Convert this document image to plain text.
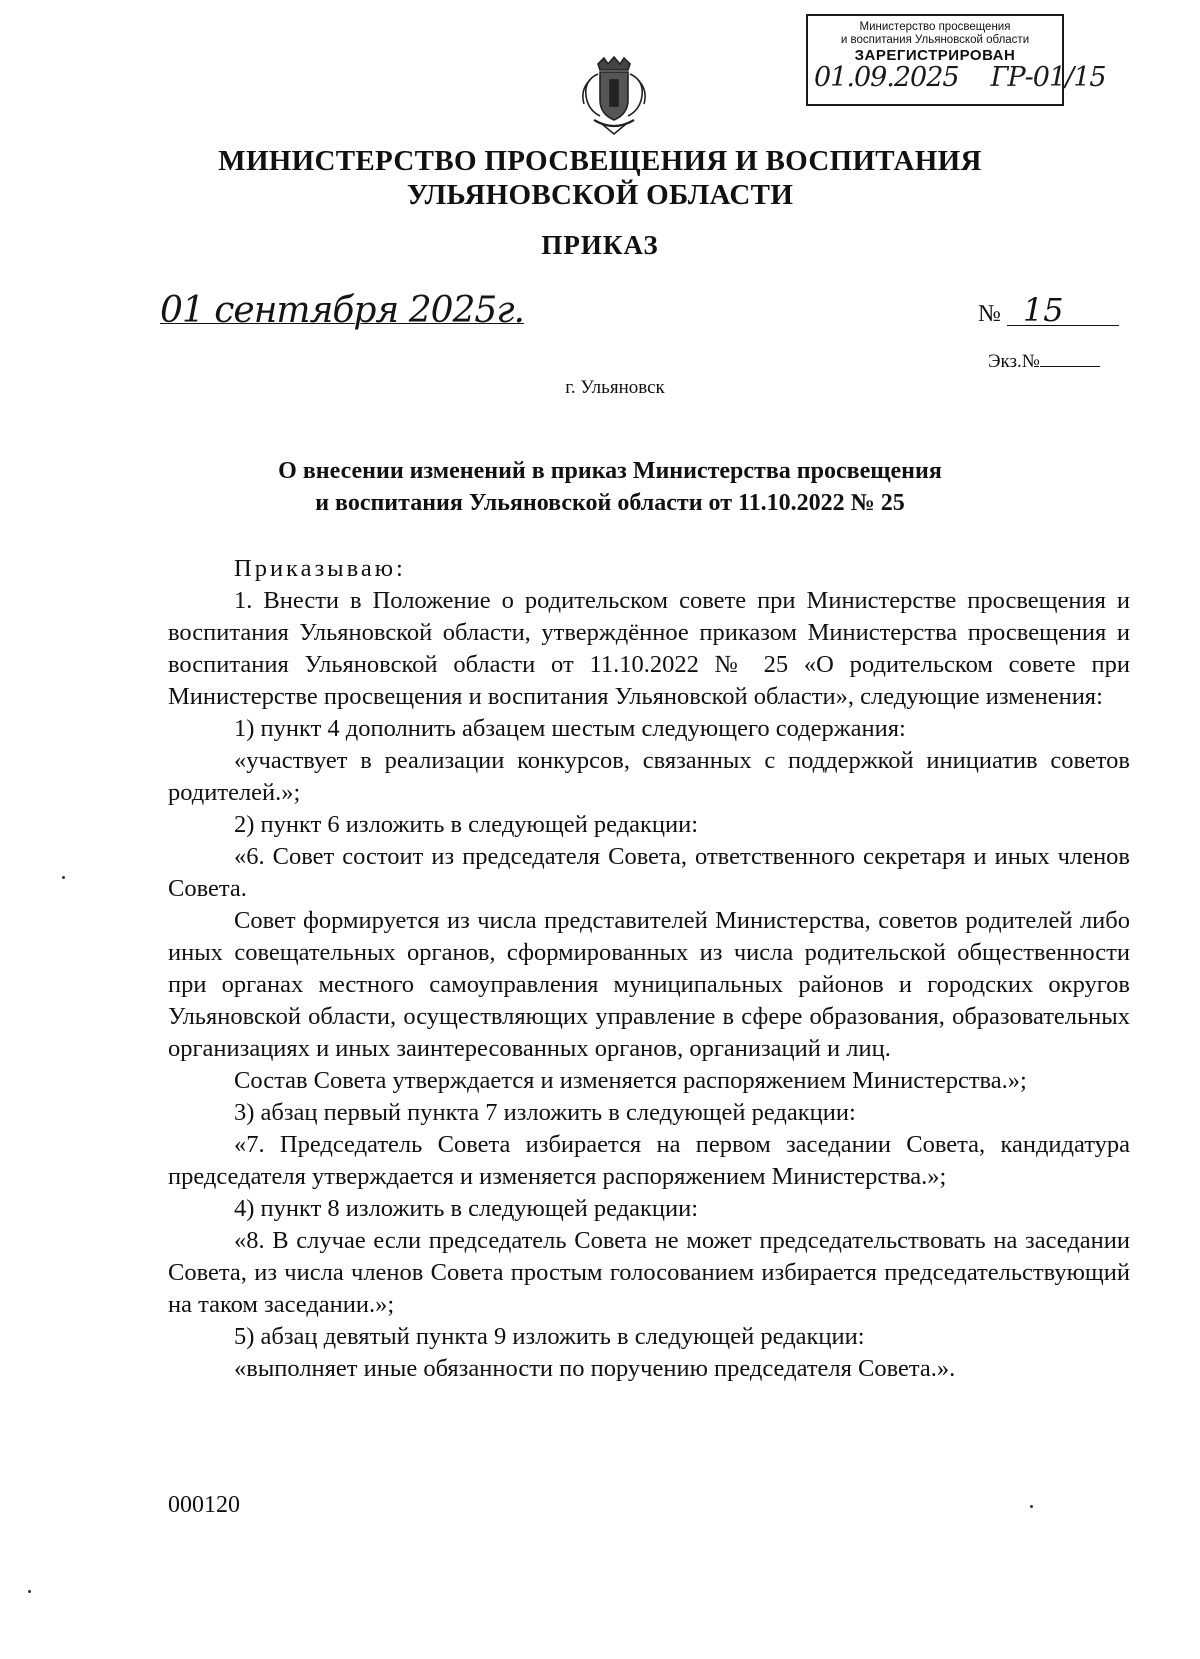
Министерство просвещения
и воспитания Ульяновской области
ЗАРЕГИСТРИРОВАН
01.09.2025 ГР-01/15
МИНИСТЕРСТВО ПРОСВЕЩЕНИЯ И ВОСПИТАНИЯ
УЛЬЯНОВСКОЙ ОБЛАСТИ
ПРИКАЗ
01 сентября 2025г.	№ 15
Экз.№
г. Ульяновск
О внесении изменений в приказ Министерства просвещения
и воспитания Ульяновской области от 11.10.2022 № 25

Приказываю:

1. Внести в Положение о родительском совете при Министерстве просвещения и воспитания Ульяновской области, утверждённое приказом Министерства просвещения и воспитания Ульяновской области от 11.10.2022 № 25 «О родительском совете при Министерстве просвещения и воспитания Ульяновской области», следующие изменения:

1) пункт 4 дополнить абзацем шестым следующего содержания:

«участвует в реализации конкурсов, связанных с поддержкой инициатив советов родителей.»;

2) пункт 6 изложить в следующей редакции:

«6. Совет состоит из председателя Совета, ответственного секретаря и иных членов Совета.

Совет формируется из числа представителей Министерства, советов родителей либо иных совещательных органов, сформированных из числа родительской общественности при органах местного самоуправления муниципальных районов и городских округов Ульяновской области, осуществляющих управление в сфере образования, образовательных организациях и иных заинтересованных органов, организаций и лиц.

Состав Совета утверждается и изменяется распоряжением Министерства.»;

3) абзац первый пункта 7 изложить в следующей редакции:

«7. Председатель Совета избирается на первом заседании Совета, кандидатура председателя утверждается и изменяется распоряжением Министерства.»;

4) пункт 8 изложить в следующей редакции:

«8. В случае если председатель Совета не может председательствовать на заседании Совета, из числа членов Совета простым голосованием избирается председательствующий на таком заседании.»;

5) абзац девятый пункта 9 изложить в следующей редакции:

«выполняет иные обязанности по поручению председателя Совета.».

000120
